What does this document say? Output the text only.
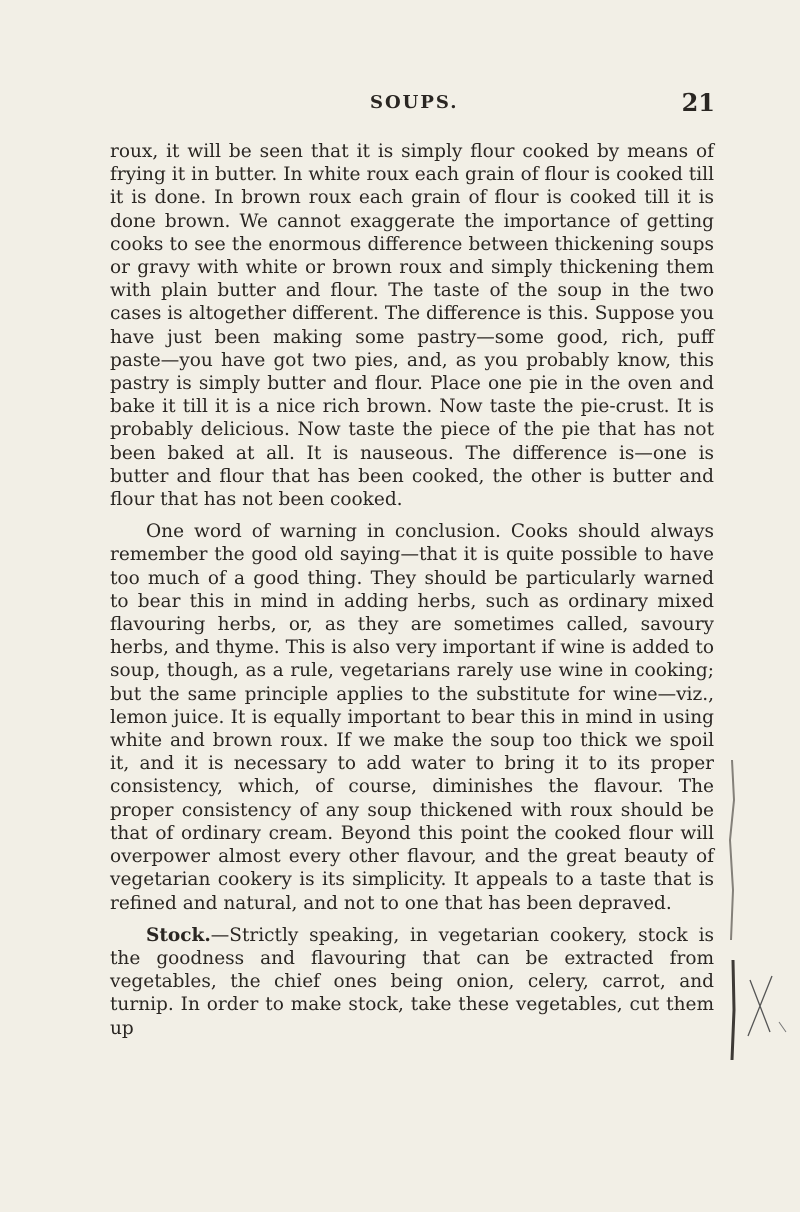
SOUPS.	21

roux, it will be seen that it is simply flour cooked by means of frying it in butter. In white roux each grain of flour is cooked till it is done. In brown roux each grain of flour is cooked till it is done brown. We cannot exaggerate the importance of getting cooks to see the enormous difference between thickening soups or gravy with white or brown roux and simply thickening them with plain butter and flour. The taste of the soup in the two cases is altogether different. The difference is this. Suppose you have just been making some pastry—some good, rich, puff paste—you have got two pies, and, as you probably know, this pastry is simply butter and flour. Place one pie in the oven and bake it till it is a nice rich brown. Now taste the pie-crust. It is probably delicious. Now taste the piece of the pie that has not been baked at all. It is nauseous. The difference is—one is butter and flour that has been cooked, the other is butter and flour that has not been cooked.

One word of warning in conclusion. Cooks should always remember the good old saying—that it is quite possible to have too much of a good thing. They should be particularly warned to bear this in mind in adding herbs, such as ordinary mixed flavouring herbs, or, as they are sometimes called, savoury herbs, and thyme. This is also very important if wine is added to soup, though, as a rule, vegetarians rarely use wine in cooking; but the same principle applies to the substitute for wine—viz., lemon juice. It is equally important to bear this in mind in using white and brown roux. If we make the soup too thick we spoil it, and it is necessary to add water to bring it to its proper consistency, which, of course, diminishes the flavour. The proper consistency of any soup thickened with roux should be that of ordinary cream. Beyond this point the cooked flour will overpower almost every other flavour, and the great beauty of vegetarian cookery is its simplicity. It appeals to a taste that is refined and natural, and not to one that has been depraved.

Stock.—Strictly speaking, in vegetarian cookery, stock is the goodness and flavouring that can be extracted from vegetables, the chief ones being onion, celery, carrot, and turnip. In order to make stock, take these vegetables, cut them up
